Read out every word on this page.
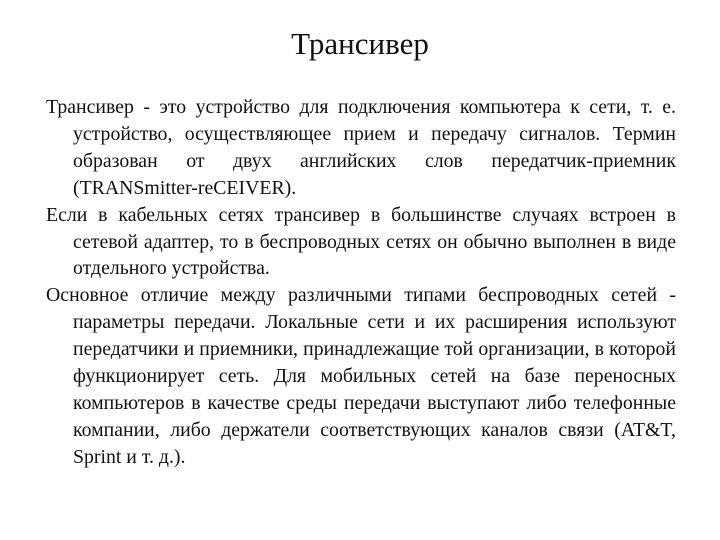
Трансивер

Трансивер - это устройство для подключения компьютера к сети, т. е. устройство, осуществляющее прием и передачу сигналов. Термин образован от двух английских слов передатчик-приемник (TRANSmitter-reCEIVER).

Если в кабельных сетях трансивер в большинстве случаях встроен в сетевой адаптер, то в беспроводных сетях он обычно выполнен в виде отдельного устройства.

Основное отличие между различными типами беспроводных сетей - параметры передачи. Локальные сети и их расширения используют передатчики и приемники, принадлежащие той организации, в которой функционирует сеть. Для мобильных сетей на базе переносных компьютеров в качестве среды передачи выступают либо телефонные компании, либо держатели соответствующих каналов связи (AT&T, Sprint и т. д.).
